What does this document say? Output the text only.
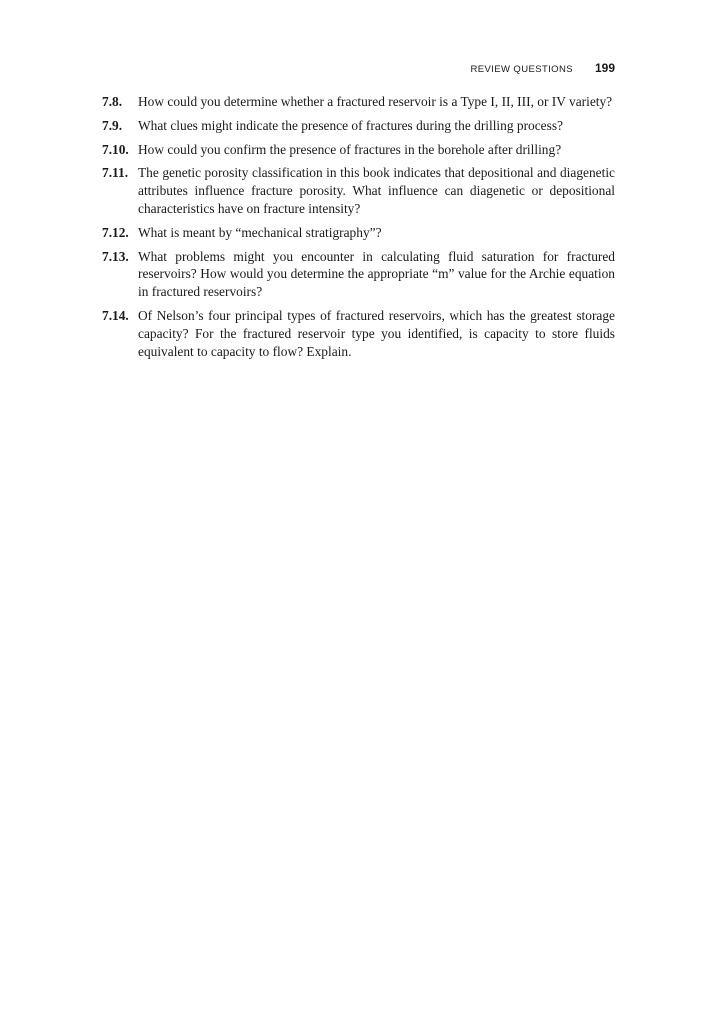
REVIEW QUESTIONS 199
7.8.	How could you determine whether a fractured reservoir is a Type I, II, III, or IV variety?
7.9.	What clues might indicate the presence of fractures during the drilling process?
7.10. How could you confirm the presence of fractures in the borehole after drilling?
7.11. The genetic porosity classification in this book indicates that depositional and diagenetic attributes influence fracture porosity. What influence can diagenetic or depositional characteristics have on fracture intensity?
7.12. What is meant by “mechanical stratigraphy”?
7.13. What problems might you encounter in calculating fluid saturation for fractured reservoirs? How would you determine the appropriate “m” value for the Archie equation in fractured reservoirs?
7.14. Of Nelson’s four principal types of fractured reservoirs, which has the greatest storage capacity? For the fractured reservoir type you identified, is capacity to store fluids equivalent to capacity to flow? Explain.
